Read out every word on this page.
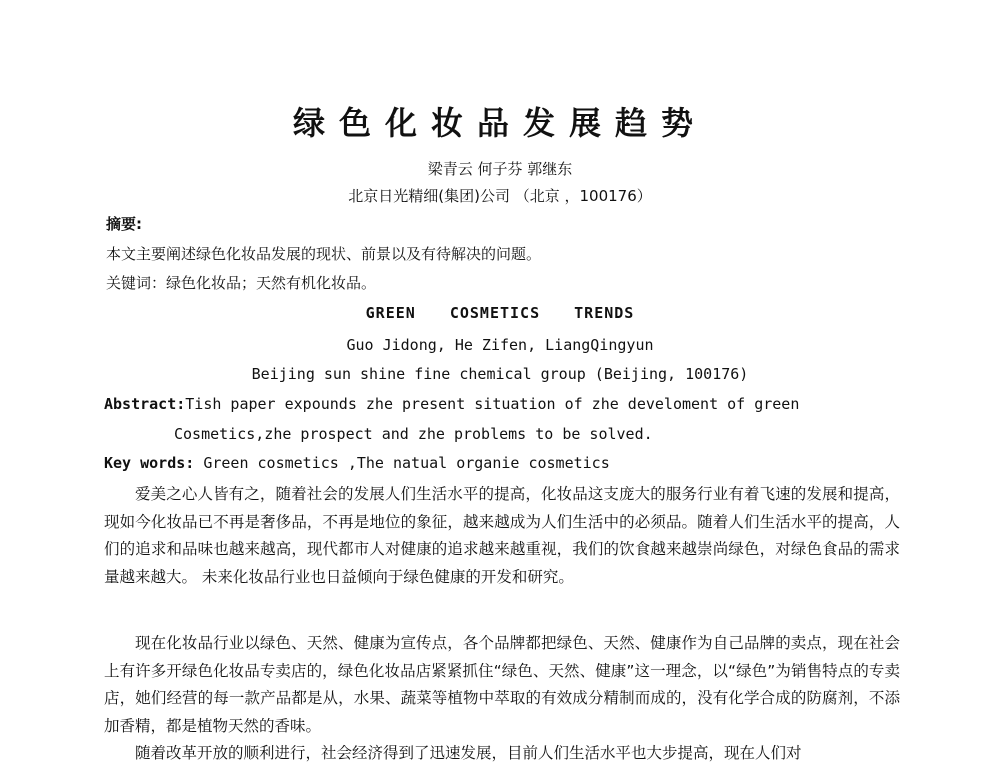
绿色化妆品发展趋势
梁青云 何子芬 郭继东
北京日光精细(集团)公司 （北京 ，100176）
摘要:
本文主要阐述绿色化妆品发展的现状、前景以及有待解决的问题。
关键词：绿色化妆品；天然有机化妆品。
GREEN COSMETICS TRENDS
Guo Jidong, He Zifen, LiangQingyun
Beijing sun shine fine chemical group (Beijing, 100176)
Abstract:Tish paper expounds zhe present situation of zhe develoment of green
Cosmetics,zhe prospect and zhe problems to be solved.
Key words: Green cosmetics ,The natual organie cosmetics

爱美之心人皆有之，随着社会的发展人们生活水平的提高，化妆品这支庞大的服务行业有着飞速的发展和提高，现如今化妆品已不再是奢侈品，不再是地位的象征，越来越成为人们生活中的必须品。随着人们生活水平的提高，人们的追求和品味也越来越高，现代都市人对健康的追求越来越重视，我们的饮食越来越崇尚绿色，对绿色食品的需求量越来越大。 未来化妆品行业也日益倾向于绿色健康的开发和研究。

现在化妆品行业以绿色、天然、健康为宣传点，各个品牌都把绿色、天然、健康作为自己品牌的卖点，现在社会上有许多开绿色化妆品专卖店的，绿色化妆品店紧紧抓住“绿色、天然、健康”这一理念，以“绿色”为销售特点的专卖店，她们经营的每一款产品都是从，水果、蔬菜等植物中萃取的有效成分精制而成的，没有化学合成的防腐剂，不添加香精，都是植物天然的香味。

随着改革开放的顺利进行，社会经济得到了迅速发展，目前人们生活水平也大步提高，现在人们对
